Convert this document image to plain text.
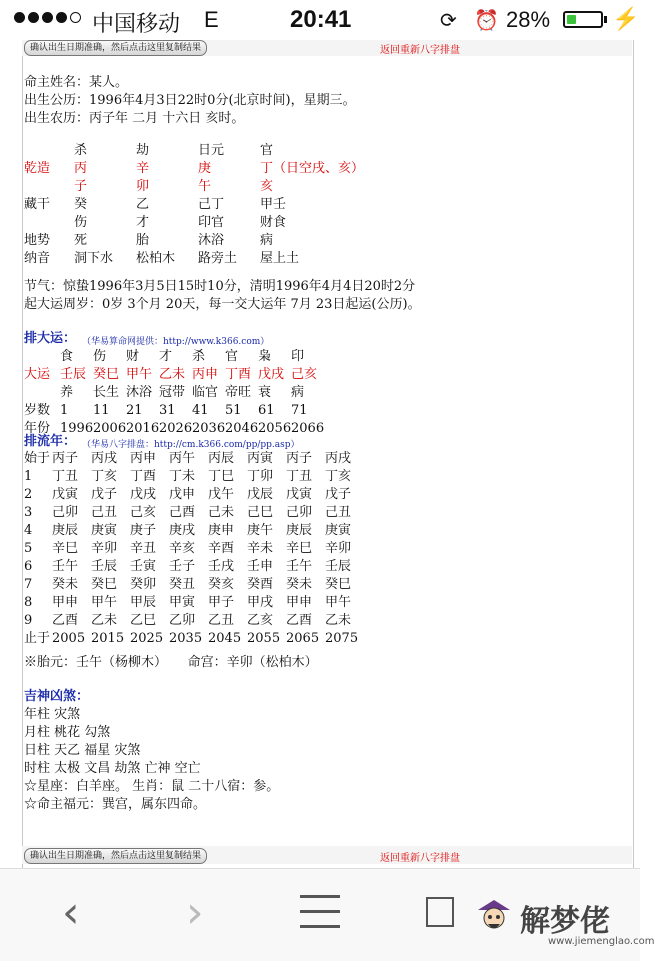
中国移动 E	20:41	⟳ ⏰ 28%	⚡
确认出生日期准确，然后点击这里复制结果	返回重新八字排盘
命主姓名：某人。
出生公历：1996年4月3日22时0分(北京时间)，星期三。
出生农历：丙子年 二月 十六日 亥时。
杀	劫	日元	官
乾造	丙	辛	庚	丁（日空戌、亥）
子	卯	午	亥
藏干	癸	乙	己丁	甲壬
伤	才	印官	财食
地势	死	胎	沐浴	病
纳音	洞下水	松柏木	路旁土	屋上土
节气：惊蛰1996年3月5日15时10分，清明1996年4月4日20时2分
起大运周岁：0岁 3个月 20天，每一交大运年 7月 23日起运(公历)。
排大运： （华易算命网提供：http://www.k366.com）
食	伤	财	才	杀	官	枭	印
大运 壬辰 癸巳 甲午 乙未 丙申 丁酉 戊戌 己亥
养	长生 沐浴 冠带 临官 帝旺 衰	病
岁数 1	11	21	31	41	51	61	71
年份 1996 2006 2016 2026 2036 2046 2056 2066
排流年： （华易八字排盘：http://cm.k366.com/pp/pp.asp）
始于 丙子 丙戌 丙申 丙午 丙辰 丙寅 丙子 丙戌
1	丁丑 丁亥 丁酉 丁未 丁巳 丁卯 丁丑 丁亥
2	戊寅 戊子 戊戌 戊申 戊午 戊辰 戊寅 戊子
3	己卯 己丑 己亥 己酉 己未 己巳 己卯 己丑
4	庚辰 庚寅 庚子 庚戌 庚申 庚午 庚辰 庚寅
5	辛巳 辛卯 辛丑 辛亥 辛酉 辛未 辛巳 辛卯
6	壬午 壬辰 壬寅 壬子 壬戌 壬申 壬午 壬辰
7	癸未 癸巳 癸卯 癸丑 癸亥 癸酉 癸未 癸巳
8	甲申 甲午 甲辰 甲寅 甲子 甲戌 甲申 甲午
9	乙酉 乙未 乙巳 乙卯 乙丑 乙亥 乙酉 乙未
止于 2005 2015 2025 2035 2045 2055 2065 2075
※胎元：壬午（杨柳木）     命宫：辛卯（松柏木）
吉神凶煞：
年柱 灾煞
月柱 桃花 勾煞
日柱 天乙 福星 灾煞
时柱 太极 文昌 劫煞 亡神 空亡
☆星座：白羊座。 生肖：鼠 二十八宿：参。
☆命主福元：巽宫，属东四命。
确认出生日期准确，然后点击这里复制结果	返回重新八字排盘
‹ ›	解梦佬
www.jiemenglao.com
